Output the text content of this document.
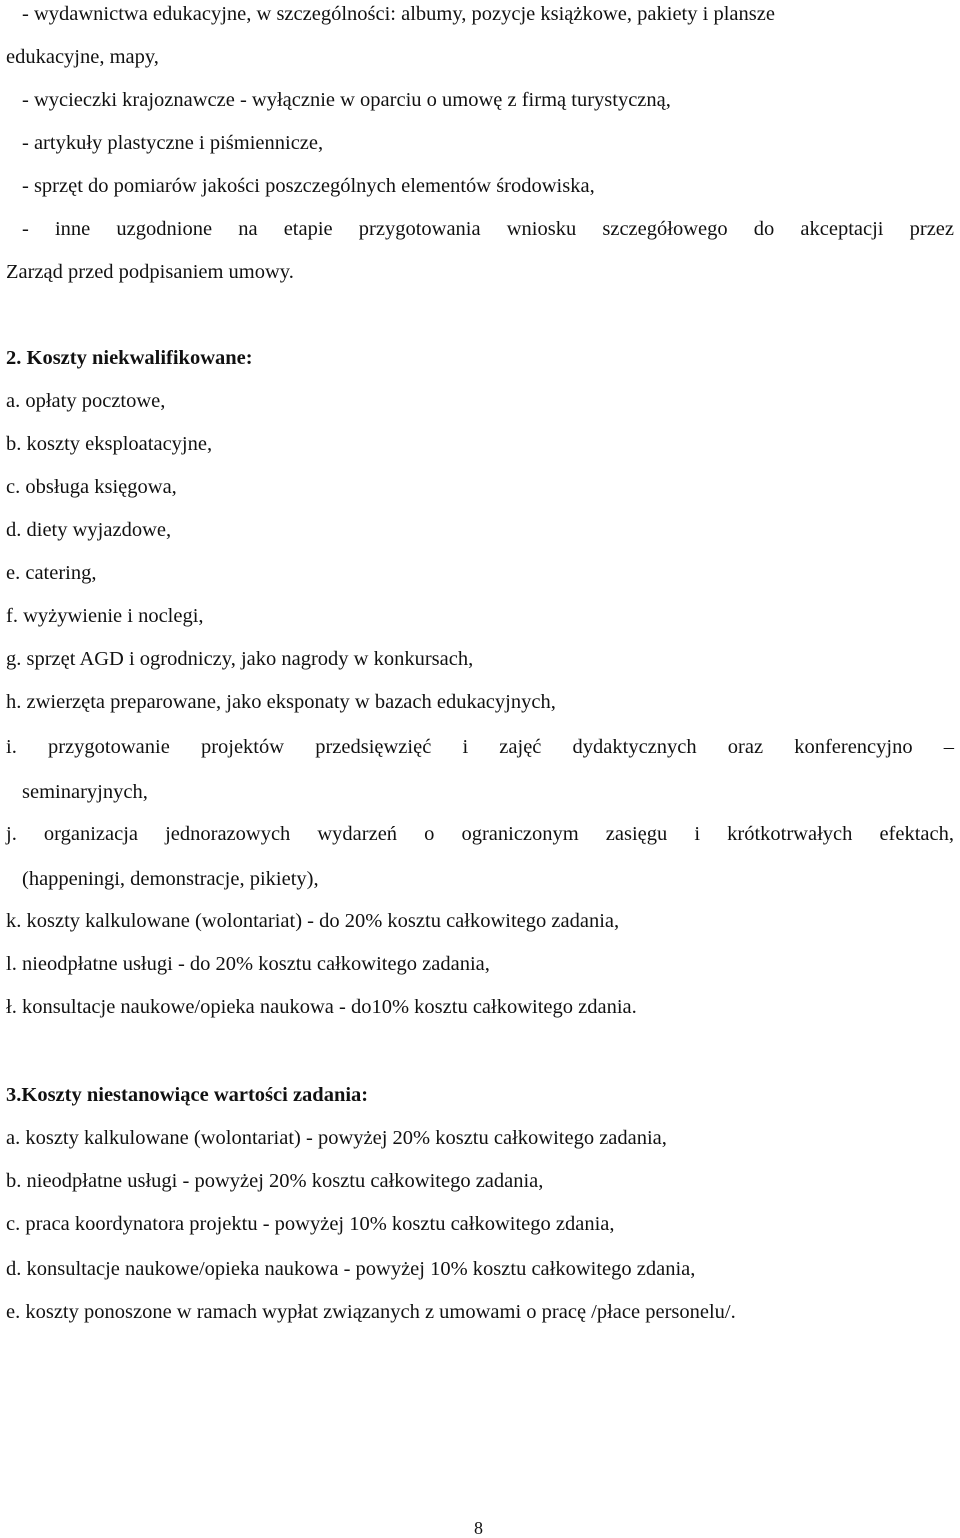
- wydawnictwa edukacyjne, w szczególności: albumy, pozycje książkowe, pakiety i plansze
edukacyjne, mapy,
- wycieczki krajoznawcze - wyłącznie w oparciu o umowę z firmą turystyczną,
- artykuły plastyczne i piśmiennicze,
- sprzęt do pomiarów jakości poszczególnych elementów środowiska,
- inne uzgodnione na etapie przygotowania wniosku szczegółowego do akceptacji przez
Zarząd przed podpisaniem umowy.
2. Koszty niekwalifikowane:
a. opłaty pocztowe,
b. koszty eksploatacyjne,
c. obsługa księgowa,
d. diety wyjazdowe,
e. catering,
f. wyżywienie i noclegi,
g. sprzęt AGD i ogrodniczy, jako nagrody w konkursach,
h. zwierzęta preparowane, jako eksponaty w bazach edukacyjnych,
i. przygotowanie projektów przedsięwzięć i zajęć dydaktycznych oraz konferencyjno –
seminaryjnych,
j. organizacja jednorazowych wydarzeń o ograniczonym zasięgu i krótkotrwałych efektach,
(happeningi, demonstracje, pikiety),
k. koszty kalkulowane (wolontariat) - do 20% kosztu całkowitego zadania,
l. nieodpłatne usługi - do 20% kosztu całkowitego zadania,
ł. konsultacje naukowe/opieka naukowa - do10% kosztu całkowitego zdania.
3.Koszty niestanowiące wartości zadania:
a. koszty kalkulowane (wolontariat) - powyżej 20% kosztu całkowitego zadania,
b. nieodpłatne usługi - powyżej 20% kosztu całkowitego zadania,
c. praca koordynatora projektu - powyżej 10% kosztu całkowitego zdania,
d. konsultacje naukowe/opieka naukowa - powyżej 10% kosztu całkowitego zdania,
e. koszty ponoszone w ramach wypłat związanych z umowami o pracę /płace personelu/.
8
